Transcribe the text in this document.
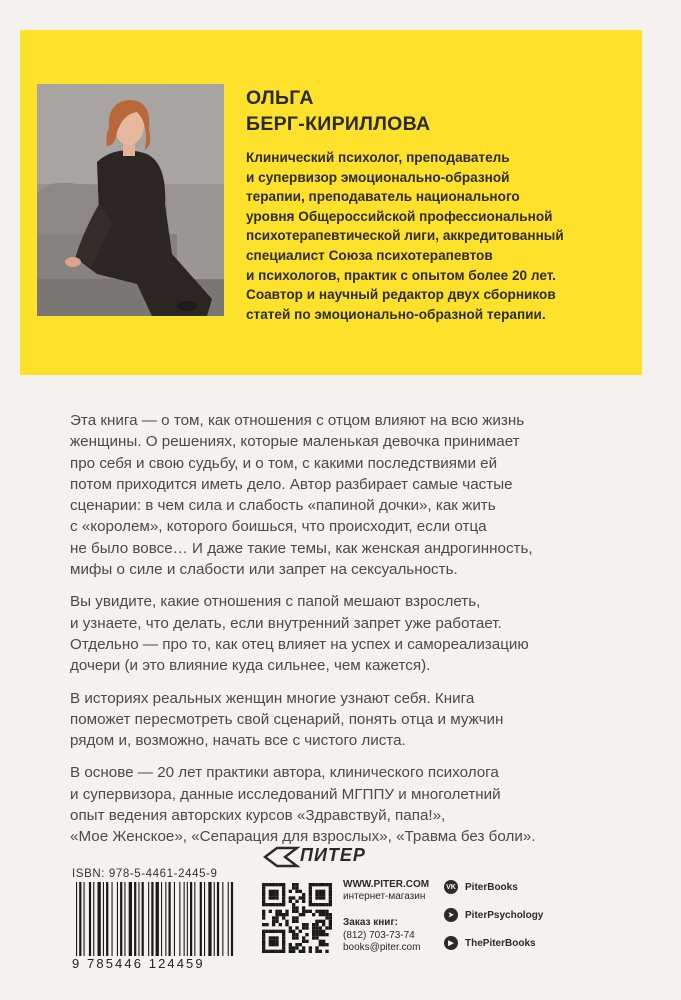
ОЛЬГА
БЕРГ-КИРИЛЛОВА
Клинический психолог, преподаватель
и супервизор эмоционально-образной
терапии, преподаватель национального
уровня Общероссийской профессиональной
психотерапевтической лиги, аккредитованный
специалист Союза психотерапевтов
и психологов, практик с опытом более 20 лет.
Соавтор и научный редактор двух сборников
статей по эмоционально-образной терапии.

Эта книга — о том, как отношения с отцом влияют на всю жизнь
женщины. О решениях, которые маленькая девочка принимает
про себя и свою судьбу, и о том, с какими последствиями ей
потом приходится иметь дело. Автор разбирает самые частые
сценарии: в чем сила и слабость «папиной дочки», как жить
с «королем», которого боишься, что происходит, если отца
не было вовсе… И даже такие темы, как женская андрогинность,
мифы о силе и слабости или запрет на сексуальность.

Вы увидите, какие отношения с папой мешают взрослеть,
и узнаете, что делать, если внутренний запрет уже работает.
Отдельно — про то, как отец влияет на успех и самореализацию
дочери (и это влияние куда сильнее, чем кажется).

В историях реальных женщин многие узнают себя. Книга
поможет пересмотреть свой сценарий, понять отца и мужчин
рядом и, возможно, начать все с чистого листа.

В основе — 20 лет практики автора, клинического психолога
и супервизора, данные исследований МГППУ и многолетний
опыт ведения авторских курсов «Здравствуй, папа!»,
«Мое Женское», «Сепарация для взрослых», «Травма без боли».

ISBN: 978-5-4461-2445-9
9 785446 124459
ПИТЕР
WWW.PITER.COM
интернет-магазин
Заказ книг:
(812) 703-73-74
books@piter.com
VK PiterBooks
➤	PiterPsychology
▶	ThePiterBooks
